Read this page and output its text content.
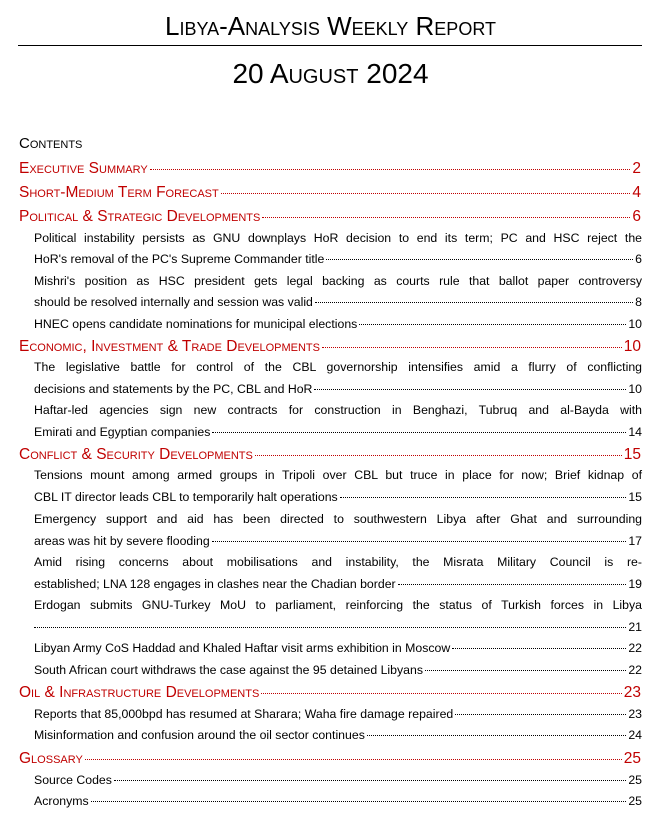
Libya-Analysis Weekly Report
20 August 2024
Contents
Executive Summary	2
Short-Medium Term Forecast	4
Political & Strategic Developments	6
Political instability persists as GNU downplays HoR decision to end its term; PC and HSC reject the
HoR's removal of the PC's Supreme Commander title	6
Mishri's position as HSC president gets legal backing as courts rule that ballot paper controversy
should be resolved internally and session was valid	8
HNEC opens candidate nominations for municipal elections	10
Economic, Investment & Trade Developments	10
The legislative battle for control of the CBL governorship intensifies amid a flurry of conflicting
decisions and statements by the PC, CBL and HoR	10
Haftar-led agencies sign new contracts for construction in Benghazi, Tubruq and al-Bayda with
Emirati and Egyptian companies	14
Conflict & Security Developments	15
Tensions mount among armed groups in Tripoli over CBL but truce in place for now; Brief kidnap of
CBL IT director leads CBL to temporarily halt operations	15
Emergency support and aid has been directed to southwestern Libya after Ghat and surrounding
areas was hit by severe flooding	17
Amid rising concerns about mobilisations and instability, the Misrata Military Council is re-
established; LNA 128 engages in clashes near the Chadian border	19
Erdogan submits GNU-Turkey MoU to parliament, reinforcing the status of Turkish forces in Libya
21
Libyan Army CoS Haddad and Khaled Haftar visit arms exhibition in Moscow	22
South African court withdraws the case against the 95 detained Libyans	22
Oil & Infrastructure Developments	23
Reports that 85,000bpd has resumed at Sharara; Waha fire damage repaired	23
Misinformation and confusion around the oil sector continues	24
Glossary	25
Source Codes	25
Acronyms	25
